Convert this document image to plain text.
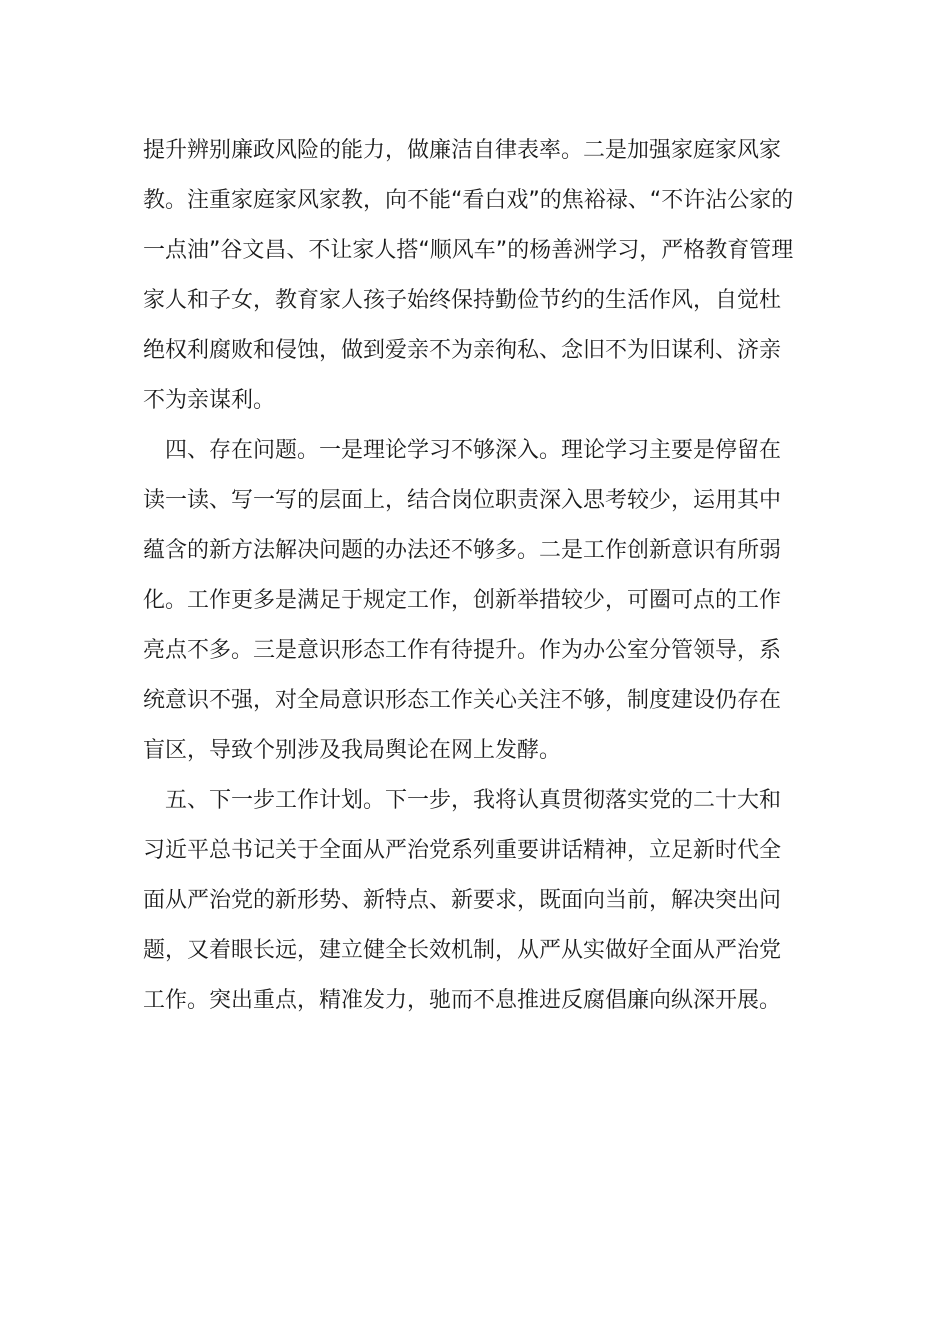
提升辨别廉政风险的能力，做廉洁自律表率。二是加强家庭家风家
教。注重家庭家风家教，向不能“看白戏”的焦裕禄、“不许沾公家的
一点油”谷文昌、不让家人搭“顺风车”的杨善洲学习，严格教育管理
家人和子女，教育家人孩子始终保持勤俭节约的生活作风，自觉杜
绝权利腐败和侵蚀，做到爱亲不为亲徇私、念旧不为旧谋利、济亲
不为亲谋利。
　四、存在问题。一是理论学习不够深入。理论学习主要是停留在
读一读、写一写的层面上，结合岗位职责深入思考较少，运用其中
蕴含的新方法解决问题的办法还不够多。二是工作创新意识有所弱
化。工作更多是满足于规定工作，创新举措较少，可圈可点的工作
亮点不多。三是意识形态工作有待提升。作为办公室分管领导，系
统意识不强，对全局意识形态工作关心关注不够，制度建设仍存在
盲区，导致个别涉及我局舆论在网上发酵。
　五、下一步工作计划。下一步，我将认真贯彻落实党的二十大和
习近平总书记关于全面从严治党系列重要讲话精神，立足新时代全
面从严治党的新形势、新特点、新要求，既面向当前，解决突出问
题，又着眼长远，建立健全长效机制，从严从实做好全面从严治党
工作。突出重点，精准发力，驰而不息推进反腐倡廉向纵深开展。
